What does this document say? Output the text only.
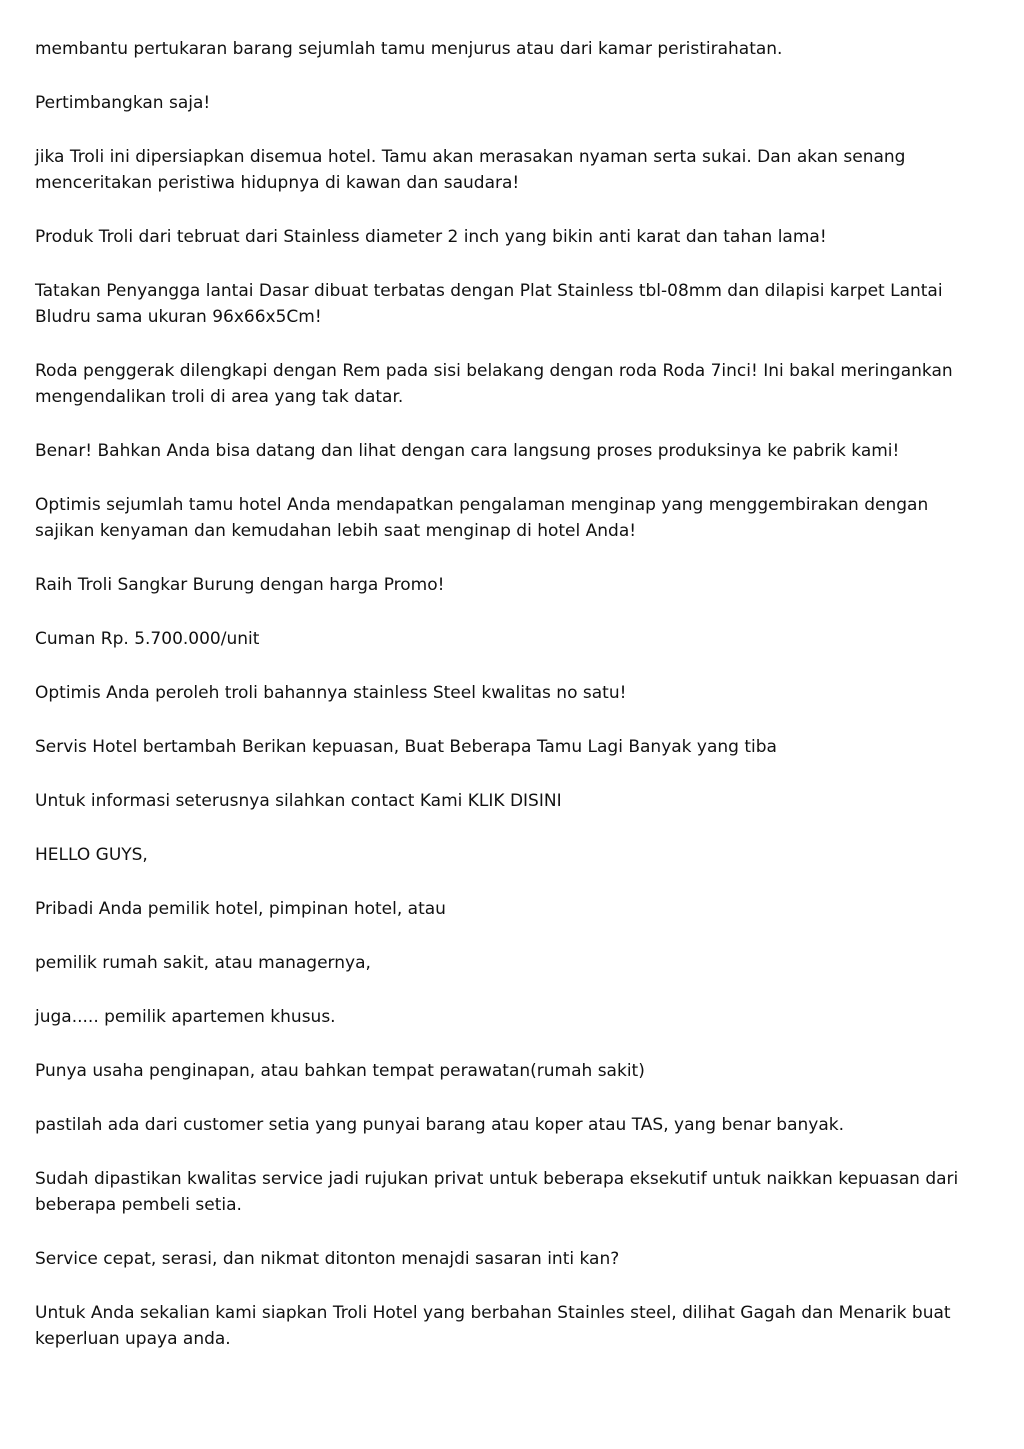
membantu pertukaran barang sejumlah tamu menjurus atau dari kamar peristirahatan.

Pertimbangkan saja!

jika Troli ini dipersiapkan disemua hotel. Tamu akan merasakan nyaman serta sukai. Dan akan senang menceritakan peristiwa hidupnya di kawan dan saudara!

Produk Troli dari tebruat dari Stainless diameter 2 inch yang bikin anti karat dan tahan lama!

Tatakan Penyangga lantai Dasar dibuat terbatas dengan Plat Stainless tbl-08mm dan dilapisi karpet Lantai Bludru sama ukuran 96x66x5Cm!

Roda penggerak dilengkapi dengan Rem pada sisi belakang dengan roda Roda 7inci! Ini bakal meringankan mengendalikan troli di area yang tak datar.

Benar! Bahkan Anda bisa datang dan lihat dengan cara langsung proses produksinya ke pabrik kami!

Optimis sejumlah tamu hotel Anda mendapatkan pengalaman menginap yang menggembirakan dengan sajikan kenyaman dan kemudahan lebih saat menginap di hotel Anda!

Raih Troli Sangkar Burung dengan harga Promo!

Cuman Rp. 5.700.000/unit

Optimis Anda peroleh troli bahannya stainless Steel kwalitas no satu!

Servis Hotel bertambah Berikan kepuasan, Buat Beberapa Tamu Lagi Banyak yang tiba

Untuk informasi seterusnya silahkan contact Kami KLIK DISINI

HELLO GUYS,

Pribadi Anda pemilik hotel, pimpinan hotel, atau

pemilik rumah sakit, atau managernya,

juga..... pemilik apartemen khusus.

Punya usaha penginapan, atau bahkan tempat perawatan(rumah sakit)

pastilah ada dari customer setia yang punyai barang atau koper atau TAS, yang benar banyak.

Sudah dipastikan kwalitas service jadi rujukan privat untuk beberapa eksekutif untuk naikkan kepuasan dari beberapa pembeli setia.

Service cepat, serasi, dan nikmat ditonton menajdi sasaran inti kan?

Untuk Anda sekalian kami siapkan Troli Hotel yang berbahan Stainles steel, dilihat Gagah dan Menarik buat keperluan upaya anda.
